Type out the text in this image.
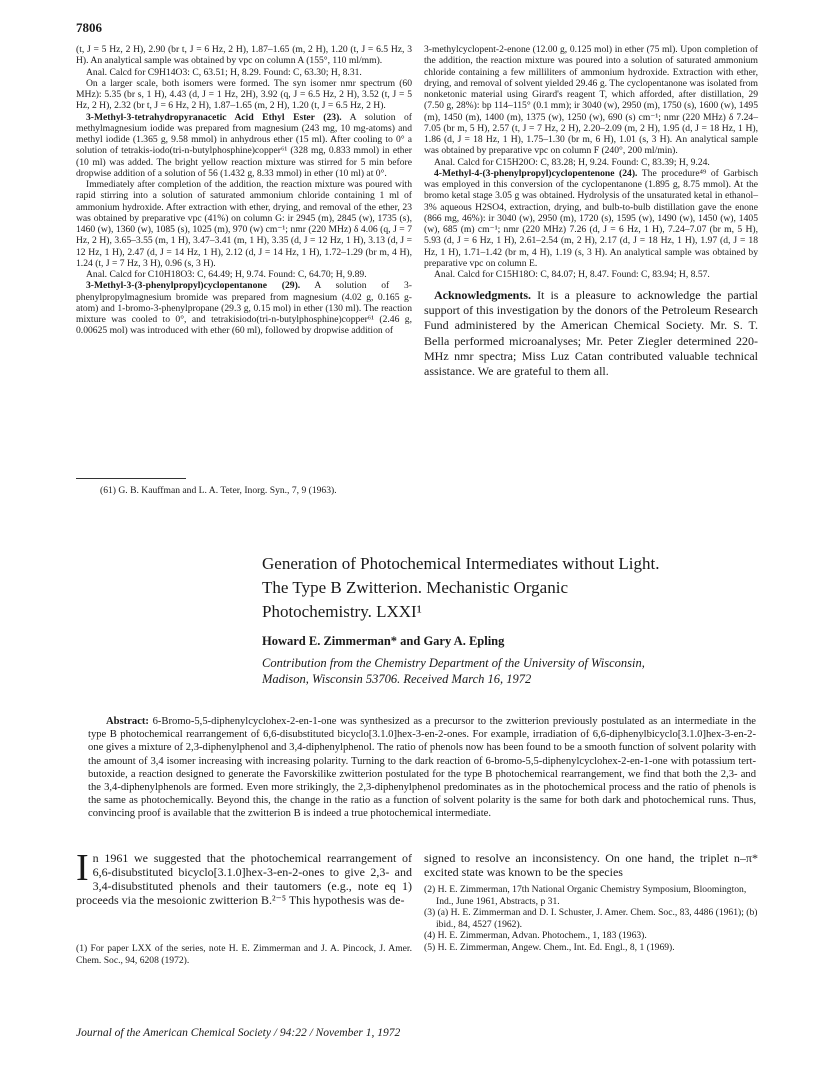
7806

(t, J = 5 Hz, 2 H), 2.90 (br t, J = 6 Hz, 2 H), 1.87–1.65 (m, 2 H), 1.20 (t, J = 6.5 Hz, 3 H). An analytical sample was obtained by vpc on column A (155°, 110 ml/mm).

Anal. Calcd for C9H14O3: C, 63.51; H, 8.29. Found: C, 63.30; H, 8.31.

On a larger scale, both isomers were formed. The syn isomer nmr spectrum (60 MHz): 5.35 (br s, 1 H), 4.43 (d, J = 1 Hz, 2H), 3.92 (q, J = 6.5 Hz, 2 H), 3.52 (t, J = 5 Hz, 2 H), 2.32 (br t, J = 6 Hz, 2 H), 1.87–1.65 (m, 2 H), 1.20 (t, J = 6.5 Hz, 2 H).

3-Methyl-3-tetrahydropyranacetic Acid Ethyl Ester (23). A solution of methylmagnesium iodide was prepared from magnesium (243 mg, 10 mg-atoms) and methyl iodide (1.365 g, 9.58 mmol) in anhydrous ether (15 ml). After cooling to 0° a solution of tetrakis-iodo(tri-n-butylphosphine)copper⁶¹ (328 mg, 0.833 mmol) in ether (10 ml) was added. The bright yellow reaction mixture was stirred for 5 min before dropwise addition of a solution of 56 (1.432 g, 8.33 mmol) in ether (10 ml) at 0°.

Immediately after completion of the addition, the reaction mixture was poured with rapid stirring into a solution of saturated ammonium chloride containing 1 ml of ammonium hydroxide. After extraction with ether, drying, and removal of the ether, 23 was obtained by preparative vpc (41%) on column G: ir 2945 (m), 2845 (w), 1735 (s), 1460 (w), 1360 (w), 1085 (s), 1025 (m), 970 (w) cm⁻¹; nmr (220 MHz) δ 4.06 (q, J = 7 Hz, 2 H), 3.65–3.55 (m, 1 H), 3.47–3.41 (m, 1 H), 3.35 (d, J = 12 Hz, 1 H), 3.13 (d, J = 12 Hz, 1 H), 2.47 (d, J = 14 Hz, 1 H), 2.12 (d, J = 14 Hz, 1 H), 1.72–1.29 (br m, 4 H), 1.24 (t, J = 7 Hz, 3 H), 0.96 (s, 3 H).

Anal. Calcd for C10H18O3: C, 64.49; H, 9.74. Found: C, 64.70; H, 9.89.

3-Methyl-3-(3-phenylpropyl)cyclopentanone (29). A solution of 3-phenylpropylmagnesium bromide was prepared from magnesium (4.02 g, 0.165 g-atom) and 1-bromo-3-phenylpropane (29.3 g, 0.15 mol) in ether (130 ml). The reaction mixture was cooled to 0°, and tetrakisiodo(tri-n-butylphosphine)copper⁶¹ (2.46 g, 0.00625 mol) was introduced with ether (60 ml), followed by dropwise addition of

3-methylcyclopent-2-enone (12.00 g, 0.125 mol) in ether (75 ml). Upon completion of the addition, the reaction mixture was poured into a solution of saturated ammonium chloride containing a few milliliters of ammonium hydroxide. Extraction with ether, drying, and removal of solvent yielded 29.46 g. The cyclopentanone was isolated from nonketonic material using Girard's reagent T, which afforded, after distillation, 29 (7.50 g, 28%): bp 114–115° (0.1 mm); ir 3040 (w), 2950 (m), 1750 (s), 1600 (w), 1495 (m), 1450 (m), 1400 (m), 1375 (w), 1250 (w), 690 (s) cm⁻¹; nmr (220 MHz) δ 7.24–7.05 (br m, 5 H), 2.57 (t, J = 7 Hz, 2 H), 2.20–2.09 (m, 2 H), 1.95 (d, J = 18 Hz, 1 H), 1.86 (d, J = 18 Hz, 1 H), 1.75–1.30 (br m, 6 H), 1.01 (s, 3 H). An analytical sample was obtained by preparative vpc on column F (240°, 200 ml/min).

Anal. Calcd for C15H20O: C, 83.28; H, 9.24. Found: C, 83.39; H, 9.24.

4-Methyl-4-(3-phenylpropyl)cyclopentenone (24). The procedure⁴⁹ of Garbisch was employed in this conversion of the cyclopentanone (1.895 g, 8.75 mmol). At the bromo ketal stage 3.05 g was obtained. Hydrolysis of the unsaturated ketal in ethanol–3% aqueous H2SO4, extraction, drying, and bulb-to-bulb distillation gave the enone (866 mg, 46%): ir 3040 (w), 2950 (m), 1720 (s), 1595 (w), 1490 (w), 1450 (w), 1405 (w), 685 (m) cm⁻¹; nmr (220 MHz) 7.26 (d, J = 6 Hz, 1 H), 7.24–7.07 (br m, 5 H), 5.93 (d, J = 6 Hz, 1 H), 2.61–2.54 (m, 2 H), 2.17 (d, J = 18 Hz, 1 H), 1.97 (d, J = 18 Hz, 1 H), 1.71–1.42 (br m, 4 H), 1.19 (s, 3 H). An analytical sample was obtained by preparative vpc on column E.

Anal. Calcd for C15H18O: C, 84.07; H, 8.47. Found: C, 83.94; H, 8.57.

Acknowledgments. It is a pleasure to acknowledge the partial support of this investigation by the donors of the Petroleum Research Fund administered by the American Chemical Society. Mr. S. T. Bella performed microanalyses; Mr. Peter Ziegler determined 220-MHz nmr spectra; Miss Luz Catan contributed valuable technical assistance. We are grateful to them all.

(61) G. B. Kauffman and L. A. Teter, Inorg. Syn., 7, 9 (1963).
Generation of Photochemical Intermediates without Light.
The Type B Zwitterion. Mechanistic Organic
Photochemistry. LXXI¹
Howard E. Zimmerman* and Gary A. Epling
Contribution from the Chemistry Department of the University of Wisconsin,
Madison, Wisconsin 53706. Received March 16, 1972
Abstract: 6-Bromo-5,5-diphenylcyclohex-2-en-1-one was synthesized as a precursor to the zwitterion previously postulated as an intermediate in the type B photochemical rearrangement of 6,6-disubstituted bicyclo[3.1.0]hex-3-en-2-ones. For example, irradiation of 6,6-diphenylbicyclo[3.1.0]hex-3-en-2-one gives a mixture of 2,3-diphenylphenol and 3,4-diphenylphenol. The ratio of phenols now has been found to be a smooth function of solvent polarity with the amount of 3,4 isomer increasing with increasing polarity. Turning to the dark reaction of 6-bromo-5,5-diphenylcyclohex-2-en-1-one with potassium tert-butoxide, a reaction designed to generate the Favorskilike zwitterion postulated for the type B photochemical rearrangement, we find that both the 2,3- and the 3,4-diphenylphenols are formed. Even more strikingly, the 2,3-diphenylphenol predominates as in the photochemical process and the ratio of phenols is the same as photochemically. Beyond this, the change in the ratio as a function of solvent polarity is the same for both dark and photochemical runs. Thus, convincing proof is available that the zwitterion B is indeed a true photochemical intermediate.
In 1961 we suggested that the photochemical rearrangement of 6,6-disubstituted bicyclo[3.1.0]hex-3-en-2-ones to give 2,3- and 3,4-disubstituted phenols and their tautomers (e.g., note eq 1) proceeds via the mesoionic zwitterion B.²⁻⁵ This hypothesis was de-
signed to resolve an inconsistency. On one hand, the triplet n–π* excited state was known to be the species
(1) For paper LXX of the series, note H. E. Zimmerman and J. A. Pincock, J. Amer. Chem. Soc., 94, 6208 (1972).
(2) H. E. Zimmerman, 17th National Organic Chemistry Symposium, Bloomington, Ind., June 1961, Abstracts, p 31.
(3) (a) H. E. Zimmerman and D. I. Schuster, J. Amer. Chem. Soc., 83, 4486 (1961); (b) ibid., 84, 4527 (1962).
(4) H. E. Zimmerman, Advan. Photochem., 1, 183 (1963).
(5) H. E. Zimmerman, Angew. Chem., Int. Ed. Engl., 8, 1 (1969).
Journal of the American Chemical Society / 94:22 / November 1, 1972
